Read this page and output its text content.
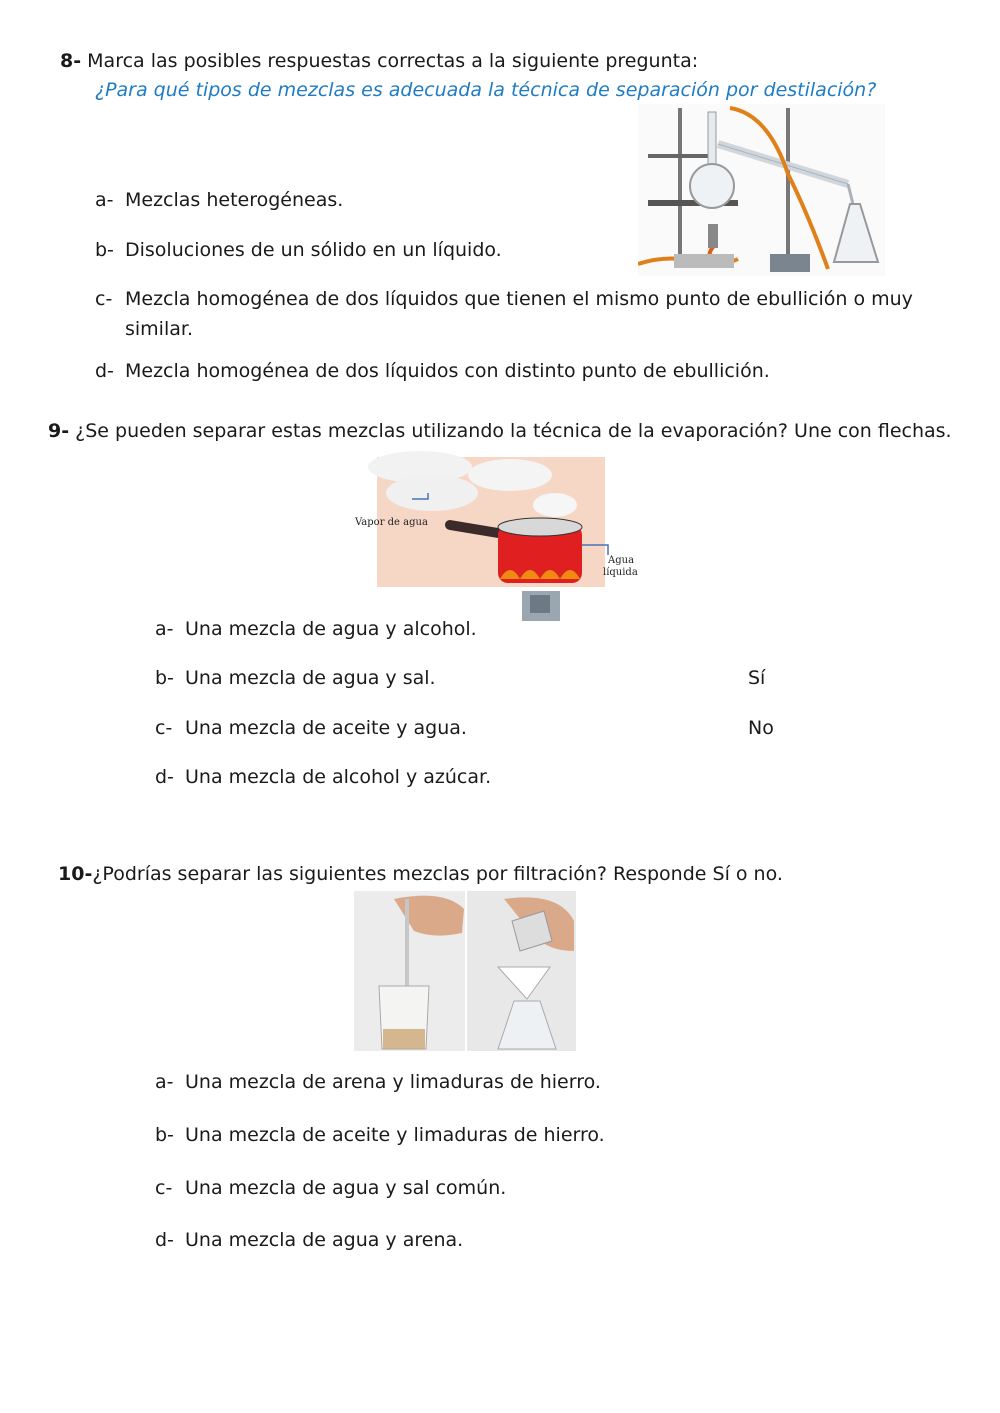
8- Marca las posibles respuestas correctas a la siguiente pregunta:
¿Para qué tipos de mezclas es adecuada la técnica de separación por destilación?
a- Mezclas heterogéneas.
b- Disoluciones de un sólido en un líquido.
c- Mezcla homogénea de dos líquidos que tienen el mismo punto de ebullición o muy
similar.
d- Mezcla homogénea de dos líquidos con distinto punto de ebullición.
9- ¿Se pueden separar estas mezclas utilizando la técnica de la evaporación? Une con flechas.
Vapor de agua
Agua
líquida
a- Una mezcla de agua y alcohol.
b- Una mezcla de agua y sal.
c- Una mezcla de aceite y agua.
d- Una mezcla de alcohol y azúcar.
Sí
No
10-¿Podrías separar las siguientes mezclas por filtración? Responde Sí o no.
a- Una mezcla de arena y limaduras de hierro.
b- Una mezcla de aceite y limaduras de hierro.
c- Una mezcla de agua y sal común.
d- Una mezcla de agua y arena.
